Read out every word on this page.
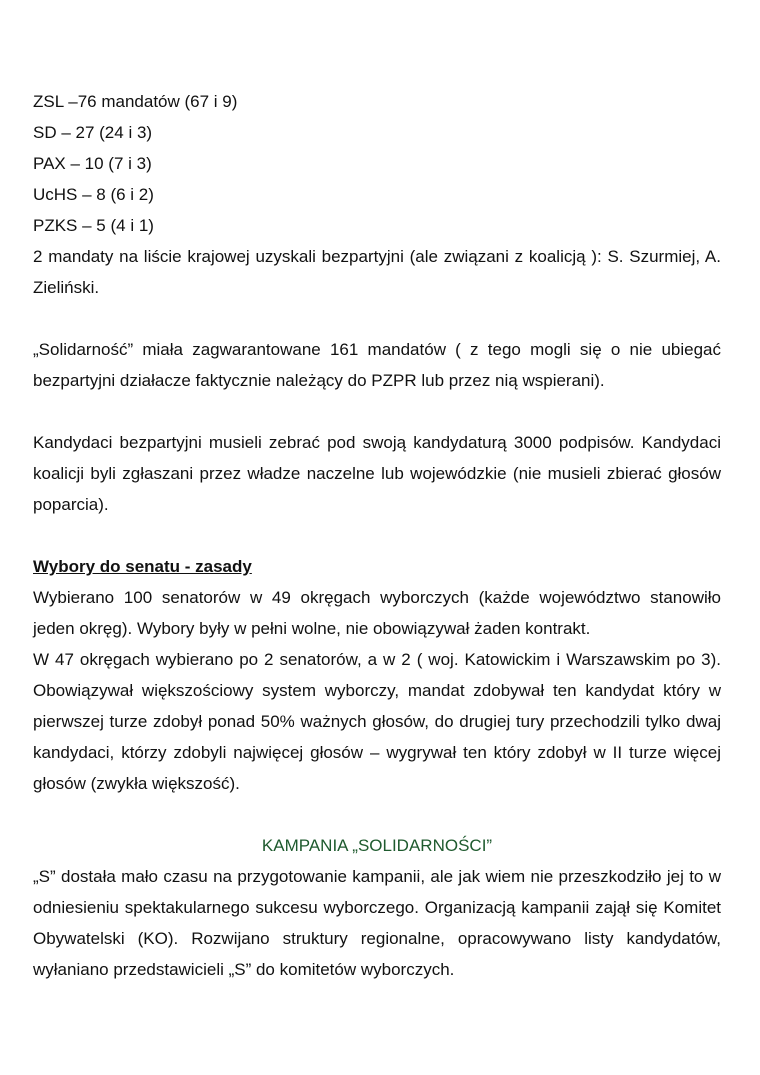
ZSL –76 mandatów (67 i 9)

SD – 27 (24 i 3)

PAX – 10 (7 i 3)

UcHS – 8 (6 i 2)

PZKS – 5 (4 i 1)

2 mandaty na liście krajowej uzyskali bezpartyjni (ale związani z koalicją ): S. Szurmiej, A. Zieliński.

„Solidarność” miała zagwarantowane 161 mandatów ( z tego mogli się o nie ubiegać bezpartyjni działacze faktycznie należący do PZPR lub przez nią wspierani).

Kandydaci bezpartyjni musieli zebrać pod swoją kandydaturą 3000 podpisów. Kandydaci koalicji byli zgłaszani przez władze naczelne lub wojewódzkie (nie musieli zbierać głosów poparcia).

Wybory do senatu - zasady

Wybierano 100 senatorów w 49 okręgach wyborczych (każde województwo stanowiło jeden okręg). Wybory były w pełni wolne, nie obowiązywał żaden kontrakt.

W 47 okręgach wybierano po 2 senatorów, a w 2 ( woj. Katowickim i Warszawskim po 3). Obowiązywał większościowy system wyborczy, mandat zdobywał ten kandydat który w pierwszej turze zdobył ponad 50% ważnych głosów, do drugiej tury przechodzili tylko dwaj kandydaci, którzy zdobyli najwięcej głosów – wygrywał ten który zdobył w II turze więcej głosów (zwykła większość).

KAMPANIA „SOLIDARNOŚCI”

„S” dostała mało czasu na przygotowanie kampanii, ale jak wiem nie przeszkodziło jej to w odniesieniu spektakularnego sukcesu wyborczego. Organizacją kampanii zajął się Komitet Obywatelski (KO). Rozwijano struktury regionalne, opracowywano listy kandydatów, wyłaniano przedstawicieli „S” do komitetów wyborczych.
